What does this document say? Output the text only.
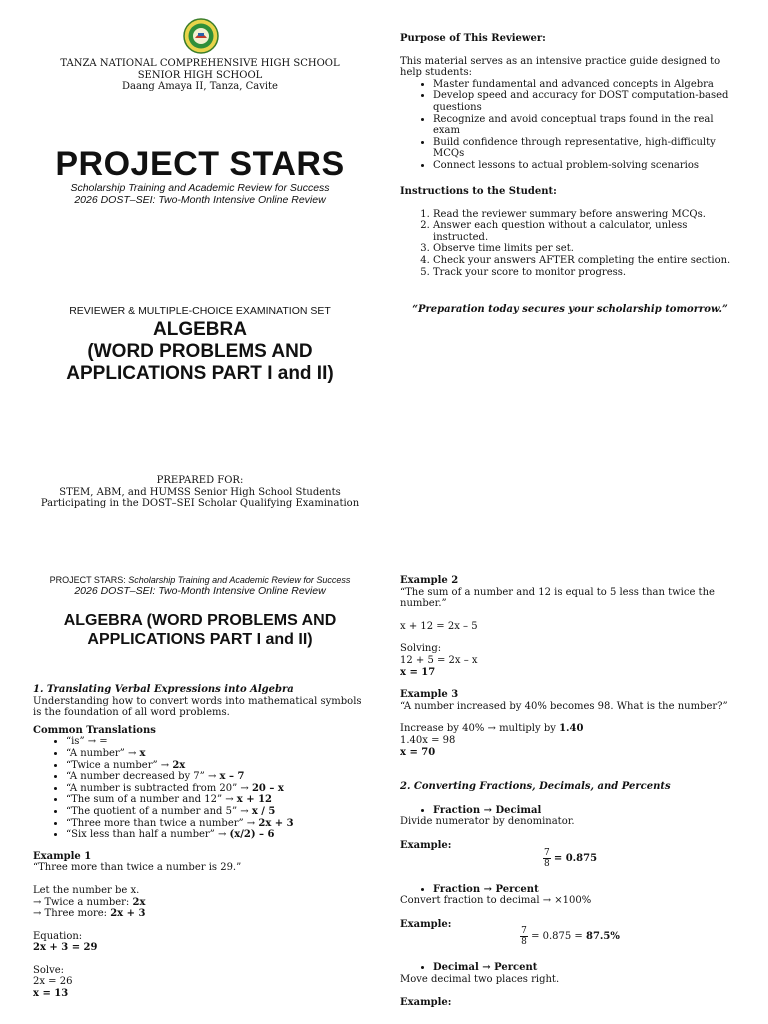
TANZA NATIONAL COMPREHENSIVE HIGH SCHOOL
SENIOR HIGH SCHOOL
Daang Amaya II, Tanza, Cavite
PROJECT STARS
Scholarship Training and Academic Review for Success
2026 DOST–SEI: Two-Month Intensive Online Review
REVIEWER & MULTIPLE-CHOICE EXAMINATION SET
ALGEBRA
(WORD PROBLEMS AND
APPLICATIONS PART I and II)
PREPARED FOR:
STEM, ABM, and HUMSS Senior High School Students
Participating in the DOST–SEI Scholar Qualifying Examination
Purpose of This Reviewer:
This material serves as an intensive practice guide designed to help students:
• Master fundamental and advanced concepts in Algebra
• Develop speed and accuracy for DOST computation-based questions
• Recognize and avoid conceptual traps found in the real exam
• Build confidence through representative, high-difficulty MCQs
• Connect lessons to actual problem-solving scenarios
Instructions to the Student:
1. Read the reviewer summary before answering MCQs.
2. Answer each question without a calculator, unless instructed.
3. Observe time limits per set.
4. Check your answers AFTER completing the entire section.
5. Track your score to monitor progress.
“Preparation today secures your scholarship tomorrow.”
PROJECT STARS: Scholarship Training and Academic Review for Success
2026 DOST–SEI: Two-Month Intensive Online Review
ALGEBRA (WORD PROBLEMS AND
APPLICATIONS PART I and II)
1. Translating Verbal Expressions into Algebra
Understanding how to convert words into mathematical symbols is the foundation of all word problems.
Common Translations
• “is” → =
• “A number” → x
• “Twice a number” → 2x
• “A number decreased by 7” → x – 7
• “A number is subtracted from 20” → 20 – x
• “The sum of a number and 12” → x + 12
• “The quotient of a number and 5” → x / 5
• “Three more than twice a number” → 2x + 3
• “Six less than half a number” → (x/2) – 6
Example 1
“Three more than twice a number is 29.”
Let the number be x.
→ Twice a number: 2x
→ Three more: 2x + 3
Equation:
2x + 3 = 29
Solve:
2x = 26
x = 13
Example 2
“The sum of a number and 12 is equal to 5 less than twice the number.”
x + 12 = 2x – 5
Solving:
12 + 5 = 2x – x
x = 17
Example 3
“A number increased by 40% becomes 98. What is the number?”
Increase by 40% → multiply by 1.40
1.40x = 98
x = 70
2. Converting Fractions, Decimals, and Percents
• Fraction → Decimal
Divide numerator by denominator.
Example:
$\frac{7}{8} = 0.875$
• Fraction → Percent
Convert fraction to decimal → ×100%
Example:
$\frac{7}{8} = 0.875 = 87.5\%$
• Decimal → Percent
Move decimal two places right.
Example:
